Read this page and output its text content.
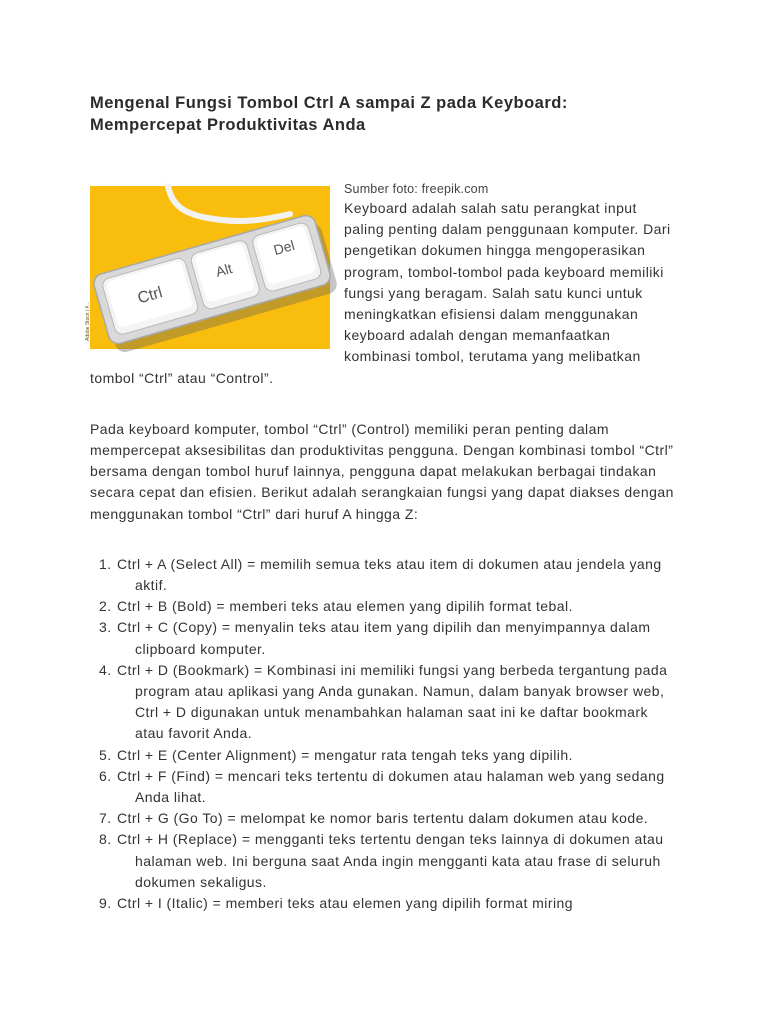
Mengenal Fungsi Tombol Ctrl A sampai Z pada Keyboard:
Mempercepat Produktivitas Anda
Ctrl
Alt
Del
Adobe Stock | #...
Sumber foto: freepik.com

Keyboard adalah salah satu perangkat input paling penting dalam penggunaan komputer. Dari pengetikan dokumen hingga mengoperasikan program, tombol-tombol pada keyboard memiliki fungsi yang beragam. Salah satu kunci untuk meningkatkan efisiensi dalam menggunakan keyboard adalah dengan memanfaatkan kombinasi tombol, terutama yang melibatkan tombol “Ctrl” atau “Control”.

Pada keyboard komputer, tombol “Ctrl” (Control) memiliki peran penting dalam mempercepat aksesibilitas dan produktivitas pengguna. Dengan kombinasi tombol “Ctrl” bersama dengan tombol huruf lainnya, pengguna dapat melakukan berbagai tindakan secara cepat dan efisien. Berikut adalah serangkaian fungsi yang dapat diakses dengan menggunakan tombol “Ctrl” dari huruf A hingga Z:

1. Ctrl + A (Select All) = memilih semua teks atau item di dokumen atau jendela yang aktif.
2. Ctrl + B (Bold) = memberi teks atau elemen yang dipilih format tebal.
3. Ctrl + C (Copy) = menyalin teks atau item yang dipilih dan menyimpannya dalam clipboard komputer.
4. Ctrl + D (Bookmark) = Kombinasi ini memiliki fungsi yang berbeda tergantung pada program atau aplikasi yang Anda gunakan. Namun, dalam banyak browser web, Ctrl + D digunakan untuk menambahkan halaman saat ini ke daftar bookmark atau favorit Anda.
5. Ctrl + E (Center Alignment) = mengatur rata tengah teks yang dipilih.
6. Ctrl + F (Find) = mencari teks tertentu di dokumen atau halaman web yang sedang Anda lihat.
7. Ctrl + G (Go To) = melompat ke nomor baris tertentu dalam dokumen atau kode.
8. Ctrl + H (Replace) = mengganti teks tertentu dengan teks lainnya di dokumen atau halaman web. Ini berguna saat Anda ingin mengganti kata atau frase di seluruh dokumen sekaligus.
9. Ctrl + I (Italic) = memberi teks atau elemen yang dipilih format miring
